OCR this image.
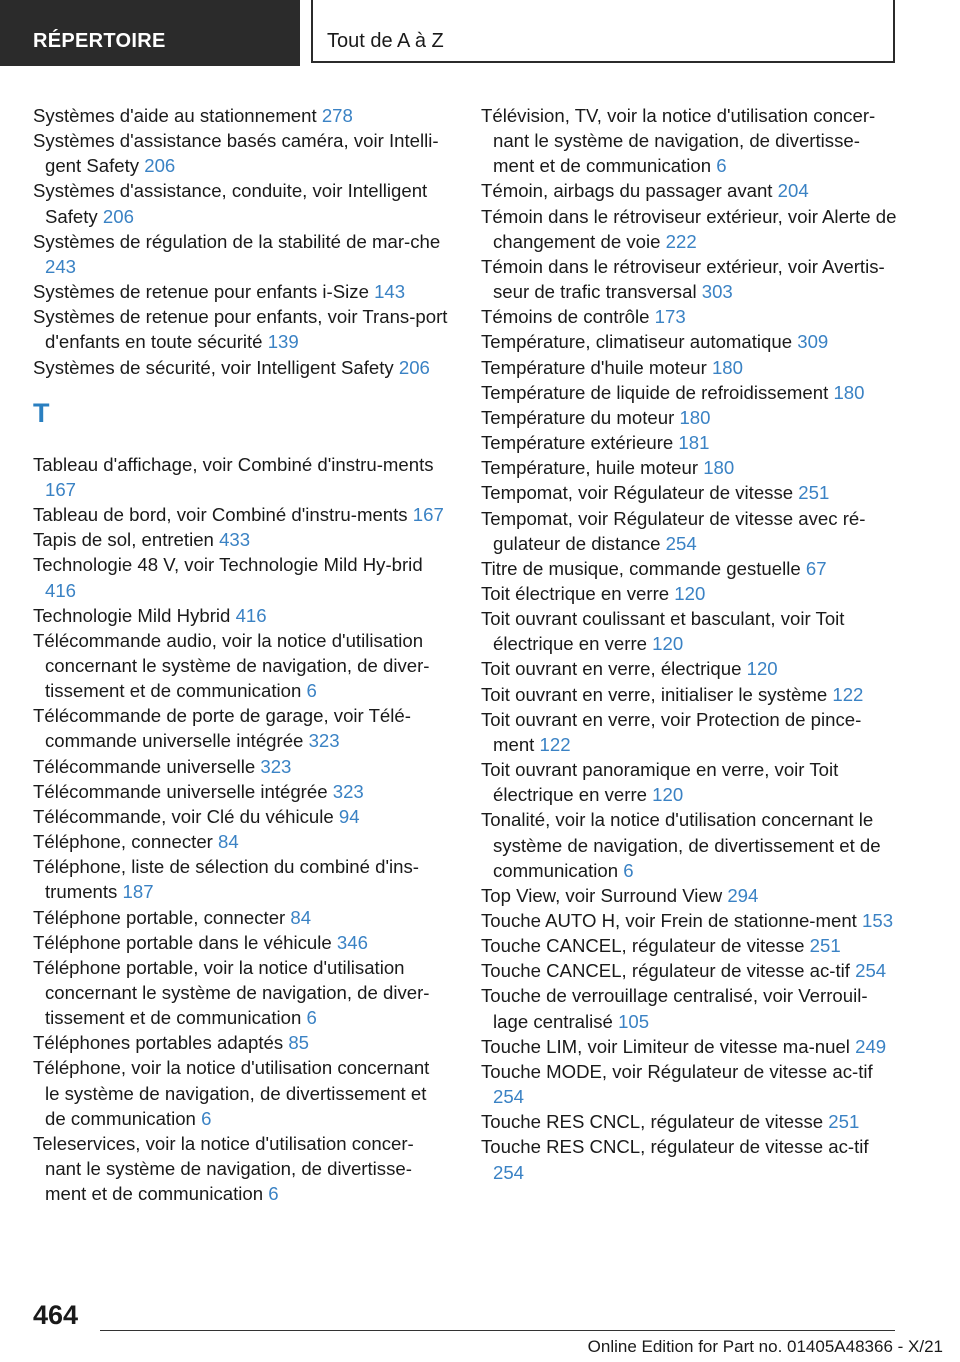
RÉPERTOIRE	Tout de A à Z
Systèmes d'aide au stationnement 278
Systèmes d'assistance basés caméra, voir Intelli‐gent Safety 206
Systèmes d'assistance, conduite, voir Intelligent Safety 206
Systèmes de régulation de la stabilité de mar‐che 243
Systèmes de retenue pour enfants i-Size 143
Systèmes de retenue pour enfants, voir Trans‐port d'enfants en toute sécurité 139
Systèmes de sécurité, voir Intelligent Safety 206
T
Tableau d'affichage, voir Combiné d'instru‐ments 167
Tableau de bord, voir Combiné d'instru‐ments 167
Tapis de sol, entretien 433
Technologie 48 V, voir Technologie Mild Hy‐brid 416
Technologie Mild Hybrid 416
Télécommande audio, voir la notice d'utilisation concernant le système de navigation, de diver‐tissement et de communication 6
Télécommande de porte de garage, voir Télé‐commande universelle intégrée 323
Télécommande universelle 323
Télécommande universelle intégrée 323
Télécommande, voir Clé du véhicule 94
Téléphone, connecter 84
Téléphone, liste de sélection du combiné d'ins‐truments 187
Téléphone portable, connecter 84
Téléphone portable dans le véhicule 346
Téléphone portable, voir la notice d'utilisation concernant le système de navigation, de diver‐tissement et de communication 6
Téléphones portables adaptés 85
Téléphone, voir la notice d'utilisation concernant le système de navigation, de divertissement et de communication 6
Teleservices, voir la notice d'utilisation concer‐nant le système de navigation, de divertisse‐ment et de communication 6
Télévision, TV, voir la notice d'utilisation concer‐nant le système de navigation, de divertisse‐ment et de communication 6
Témoin, airbags du passager avant 204
Témoin dans le rétroviseur extérieur, voir Alerte de changement de voie 222
Témoin dans le rétroviseur extérieur, voir Avertis‐seur de trafic transversal 303
Témoins de contrôle 173
Température, climatiseur automatique 309
Température d'huile moteur 180
Température de liquide de refroidissement 180
Température du moteur 180
Température extérieure 181
Température, huile moteur 180
Tempomat, voir Régulateur de vitesse 251
Tempomat, voir Régulateur de vitesse avec ré‐gulateur de distance 254
Titre de musique, commande gestuelle 67
Toit électrique en verre 120
Toit ouvrant coulissant et basculant, voir Toit électrique en verre 120
Toit ouvrant en verre, électrique 120
Toit ouvrant en verre, initialiser le système 122
Toit ouvrant en verre, voir Protection de pince‐ment 122
Toit ouvrant panoramique en verre, voir Toit électrique en verre 120
Tonalité, voir la notice d'utilisation concernant le système de navigation, de divertissement et de communication 6
Top View, voir Surround View 294
Touche AUTO H, voir Frein de stationne‐ment 153
Touche CANCEL, régulateur de vitesse 251
Touche CANCEL, régulateur de vitesse ac‐tif 254
Touche de verrouillage centralisé, voir Verrouil‐lage centralisé 105
Touche LIM, voir Limiteur de vitesse ma‐nuel 249
Touche MODE, voir Régulateur de vitesse ac‐tif 254
Touche RES CNCL, régulateur de vitesse 251
Touche RES CNCL, régulateur de vitesse ac‐tif 254
464
Online Edition for Part no. 01405A48366 - X/21
